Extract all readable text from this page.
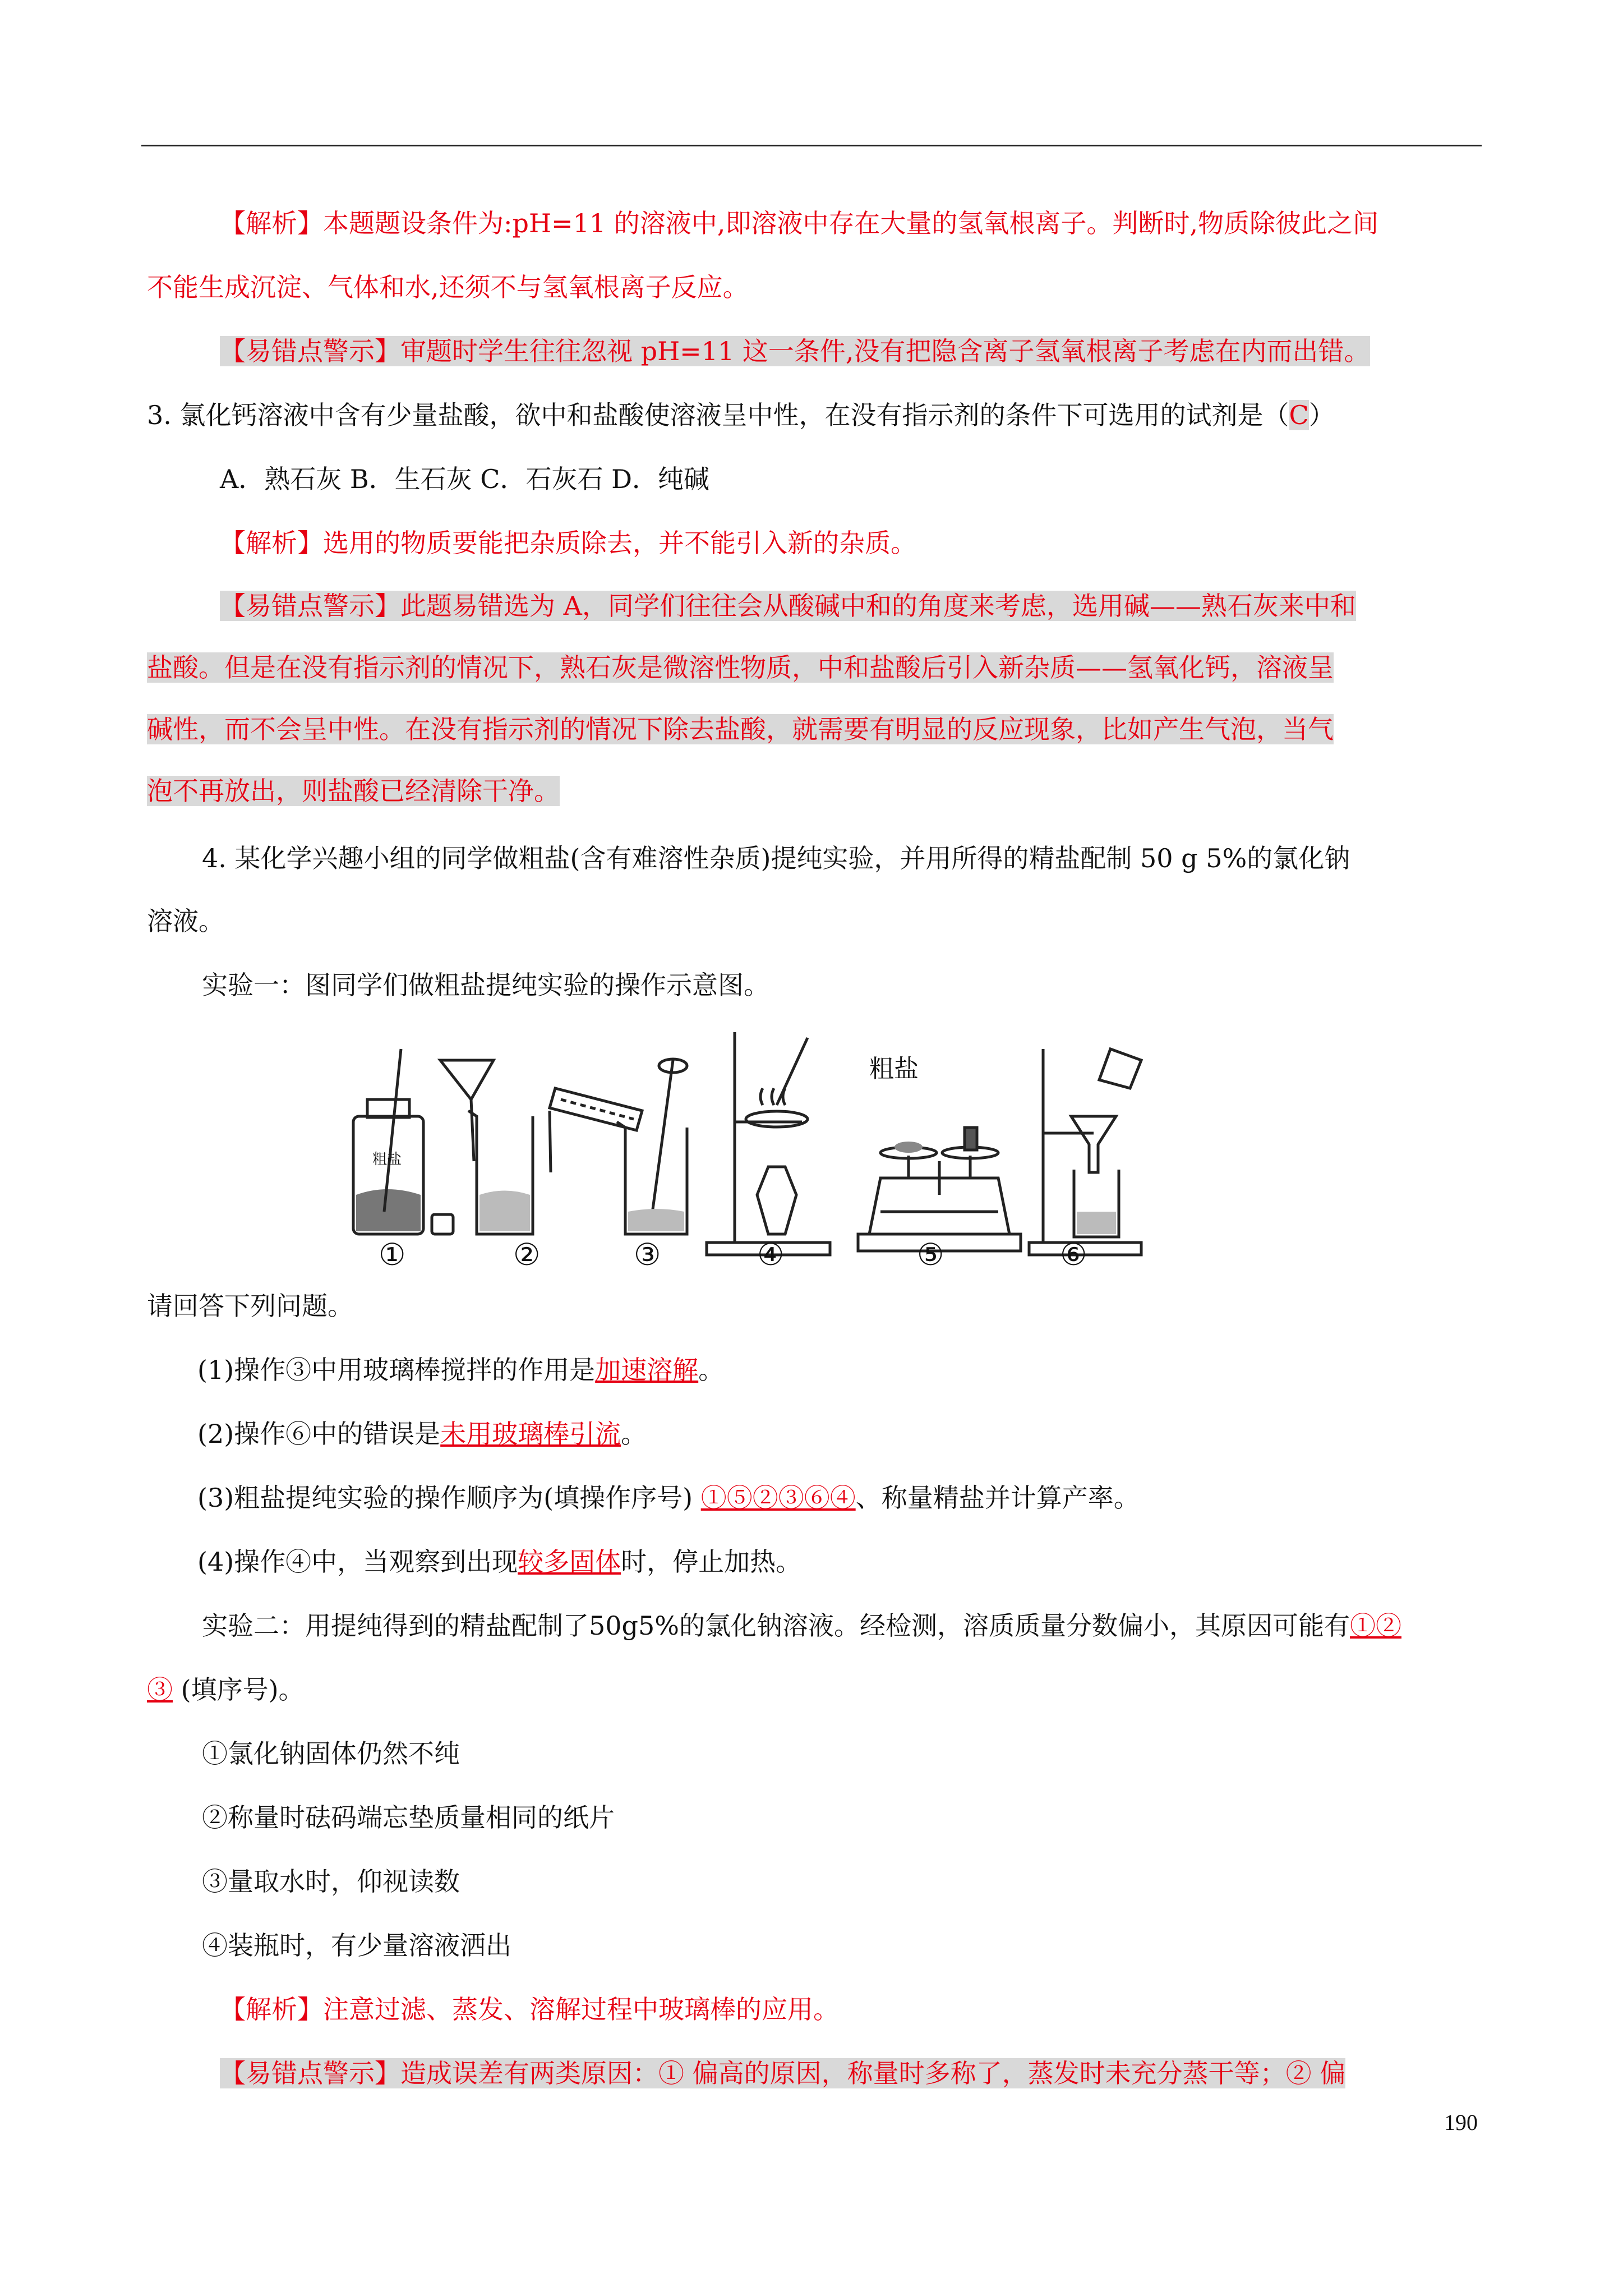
【解析】本题题设条件为:pH=11 的溶液中,即溶液中存在大量的氢氧根离子。判断时,物质除彼此之间
不能生成沉淀、气体和水,还须不与氢氧根离子反应。
【易错点警示】审题时学生往往忽视 pH=11 这一条件,没有把隐含离子氢氧根离子考虑在内而出错。
3. 氯化钙溶液中含有少量盐酸，欲中和盐酸使溶液呈中性，在没有指示剂的条件下可选用的试剂是（C）
A．熟石灰 B．生石灰 C．石灰石 D．纯碱
【解析】选用的物质要能把杂质除去，并不能引入新的杂质。
【易错点警示】此题易错选为 A，同学们往往会从酸碱中和的角度来考虑，选用碱——熟石灰来中和
盐酸。但是在没有指示剂的情况下，熟石灰是微溶性物质，中和盐酸后引入新杂质——氢氧化钙，溶液呈
碱性，而不会呈中性。在没有指示剂的情况下除去盐酸，就需要有明显的反应现象，比如产生气泡，当气
泡不再放出，则盐酸已经清除干净。
4. 某化学兴趣小组的同学做粗盐(含有难溶性杂质)提纯实验，并用所得的精盐配制 50 g 5%的氯化钠
溶液。
实验一：图同学们做粗盐提纯实验的操作示意图。
粗盐
粗盐
①	②	③	④	⑤	⑥
请回答下列问题。
(1)操作③中用玻璃棒搅拌的作用是加速溶解。
(2)操作⑥中的错误是未用玻璃棒引流。
(3)粗盐提纯实验的操作顺序为(填操作序号) ①⑤②③⑥④、称量精盐并计算产率。
(4)操作④中，当观察到出现较多固体时，停止加热。
实验二：用提纯得到的精盐配制了50g5%的氯化钠溶液。经检测，溶质质量分数偏小，其原因可能有①②
③ (填序号)。
①氯化钠固体仍然不纯
②称量时砝码端忘垫质量相同的纸片
③量取水时，仰视读数
④装瓶时，有少量溶液洒出
【解析】注意过滤、蒸发、溶解过程中玻璃棒的应用。
【易错点警示】造成误差有两类原因：① 偏高的原因，称量时多称了，蒸发时未充分蒸干等；② 偏
190
